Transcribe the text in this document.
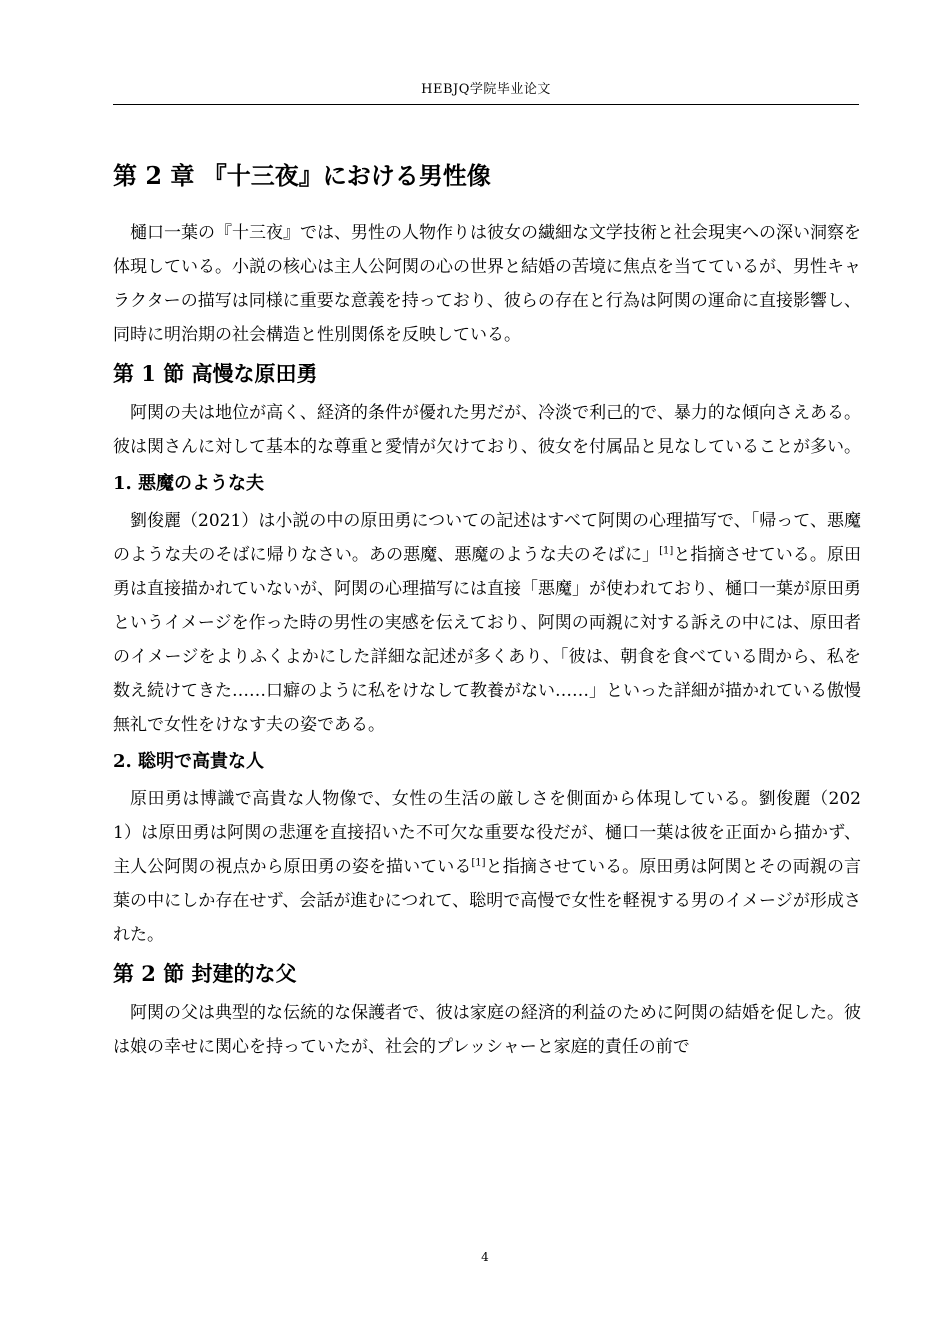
HEBJQ学院毕业论文
第 2 章 『十三夜』における男性像

樋口一葉の『十三夜』では、男性の人物作りは彼女の繊細な文学技術と社会現実への深い洞察を体現している。小説の核心は主人公阿関の心の世界と結婚の苦境に焦点を当てているが、男性キャラクターの描写は同様に重要な意義を持っており、彼らの存在と行為は阿関の運命に直接影響し、同時に明治期の社会構造と性別関係を反映している。

第 1 節 高慢な原田勇

阿関の夫は地位が高く、経済的条件が優れた男だが、冷淡で利己的で、暴力的な傾向さえある。彼は関さんに対して基本的な尊重と愛情が欠けており、彼女を付属品と見なしていることが多い。

1. 悪魔のような夫

劉俊麗（2021）は小説の中の原田勇についての記述はすべて阿関の心理描写で、「帰って、悪魔のような夫のそばに帰りなさい。あの悪魔、悪魔のような夫のそばに」[1]と指摘させている。原田勇は直接描かれていないが、阿関の心理描写には直接「悪魔」が使われており、樋口一葉が原田勇というイメージを作った時の男性の実感を伝えており、阿関の両親に対する訴えの中には、原田者のイメージをよりふくよかにした詳細な記述が多くあり、「彼は、朝食を食べている間から、私を数え続けてきた……口癖のように私をけなして教養がない……」といった詳細が描かれている傲慢無礼で女性をけなす夫の姿である。

2. 聡明で高貴な人

原田勇は博識で高貴な人物像で、女性の生活の厳しさを側面から体現している。劉俊麗（2021）は原田勇は阿関の悲運を直接招いた不可欠な重要な役だが、樋口一葉は彼を正面から描かず、主人公阿関の視点から原田勇の姿を描いている[1]と指摘させている。原田勇は阿関とその両親の言葉の中にしか存在せず、会話が進むにつれて、聡明で高慢で女性を軽視する男のイメージが形成された。

第 2 節 封建的な父

阿関の父は典型的な伝統的な保護者で、彼は家庭の経済的利益のために阿関の結婚を促した。彼は娘の幸せに関心を持っていたが、社会的プレッシャーと家庭的責任の前で

4
